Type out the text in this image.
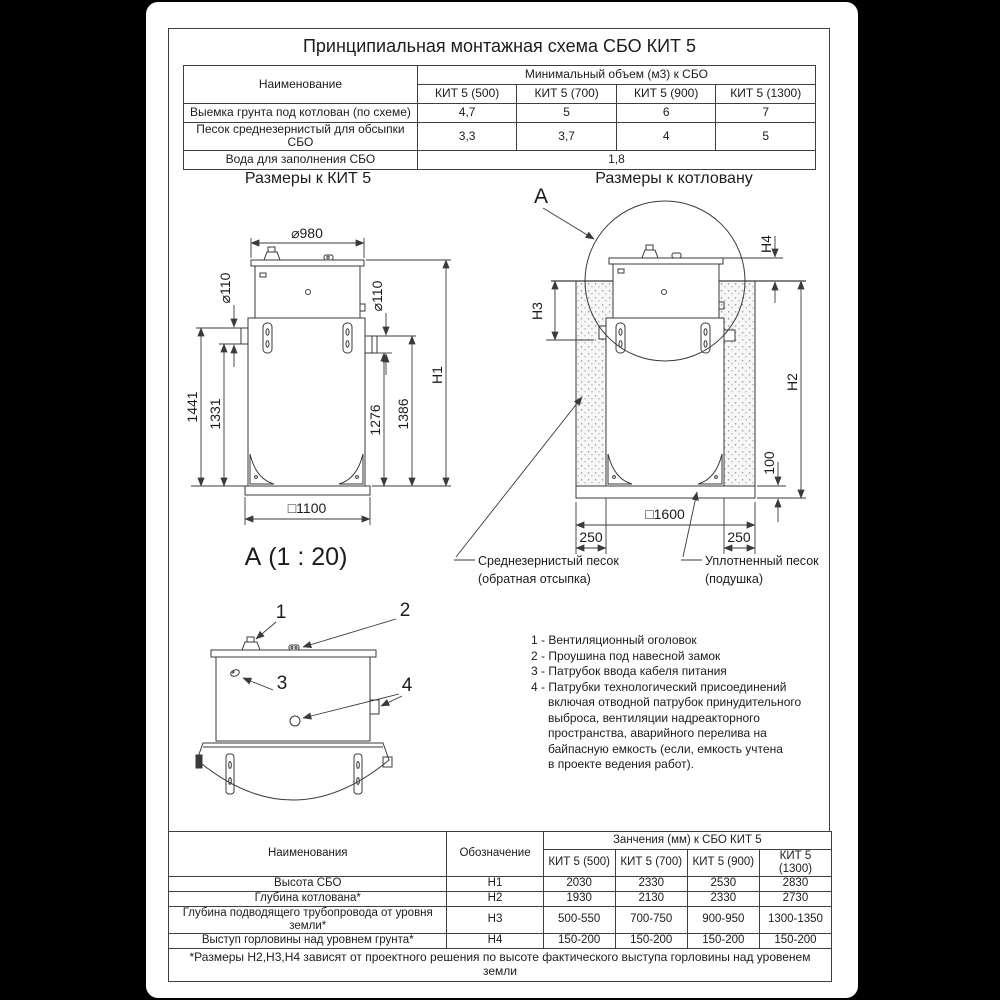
Принципиальная монтажная схема СБО КИТ 5
Наименование	Минимальный объем (м3) к СБО			
	КИТ 5 (500)	КИТ 5 (700)	КИТ 5 (900)	КИТ 5 (1300)
Выемка грунта под котлован (по схеме)	4,7	5	6	7
Песок среднезернистый для обсыпки СБО	3,3	3,7	4	5
Вода для заполнения СБО	1,8			
Размеры к КИТ 5	Размеры к котловану
А (1 : 20)
⌀980
⌀110	⌀110
1441 1331	1276 1386
Н1
□1100
А
Н4
Н2
Н3
100
□1600
250	250
Среднезернистый песок
(обратная отсыпка)
Уплотненный песок
(подушка)
1	2
3	4
1 - Вентиляционный оголовок
2 - Проушина под навесной замок
3 - Патрубок ввода кабеля питания
4 - Патрубки технологический присоединений
включая отводной патрубок принудительного
выброса, вентиляции надреакторного
пространства, аварийного перелива на
байпасную емкость (если, емкость учтена
в проекте ведения работ).
Наименования	Обозначение	Занчения (мм) к СБО КИТ 5			
		КИТ 5 (500)	КИТ 5 (700)	КИТ 5 (900)	КИТ 5 (1300)
Высота СБО	Н1	2030	2330	2530	2830
Глубина котлована*	Н2	1930	2130	2330	2730
Глубина подводящего трубопровода от уровня земли*	Н3	500-550	700-750	900-950	1300-1350
Выступ горловины над уровнем грунта*	Н4	150-200	150-200	150-200	150-200
*Размеры Н2,Н3,Н4 зависят от проектного решения по высоте фактического выступа горловины над уровенем земли					
